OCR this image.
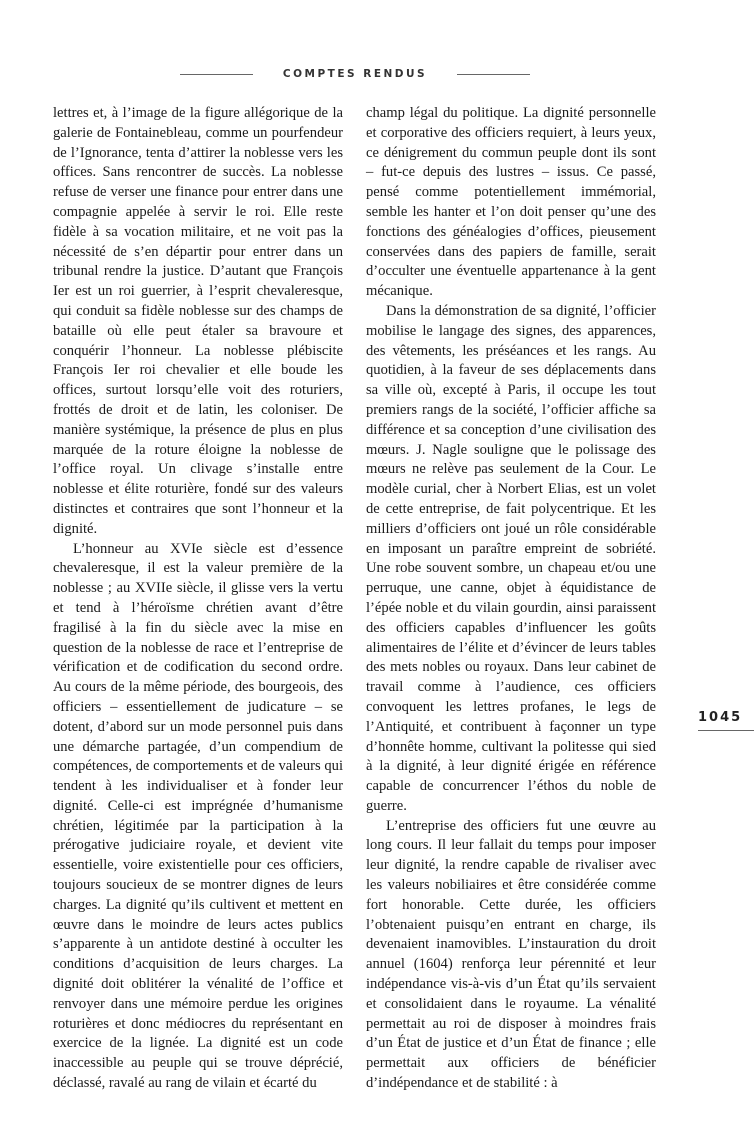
COMPTES RENDUS

lettres et, à l’image de la figure allégorique de la galerie de Fontainebleau, comme un pourfendeur de l’Ignorance, tenta d’attirer la noblesse vers les offices. Sans rencontrer de succès. La noblesse refuse de verser une finance pour entrer dans une compagnie appelée à servir le roi. Elle reste fidèle à sa vocation militaire, et ne voit pas la nécessité de s’en départir pour entrer dans un tribunal rendre la justice. D’autant que François Ier est un roi guerrier, à l’esprit chevaleresque, qui conduit sa fidèle noblesse sur des champs de bataille où elle peut étaler sa bravoure et conquérir l’honneur. La noblesse plébiscite François Ier roi chevalier et elle boude les offices, surtout lorsqu’elle voit des roturiers, frottés de droit et de latin, les coloniser. De manière systémique, la présence de plus en plus marquée de la roture éloigne la noblesse de l’office royal. Un clivage s’installe entre noblesse et élite roturière, fondé sur des valeurs distinctes et contraires que sont l’honneur et la dignité.

L’honneur au XVIe siècle est d’essence chevaleresque, il est la valeur première de la noblesse ; au XVIIe siècle, il glisse vers la vertu et tend à l’héroïsme chrétien avant d’être fragilisé à la fin du siècle avec la mise en question de la noblesse de race et l’entreprise de vérification et de codification du second ordre. Au cours de la même période, des bourgeois, des officiers – essentiellement de judicature – se dotent, d’abord sur un mode personnel puis dans une démarche partagée, d’un compendium de compétences, de comportements et de valeurs qui tendent à les individualiser et à fonder leur dignité. Celle-ci est imprégnée d’humanisme chrétien, légitimée par la participation à la prérogative judiciaire royale, et devient vite essentielle, voire existentielle pour ces officiers, toujours soucieux de se montrer dignes de leurs charges. La dignité qu’ils cultivent et mettent en œuvre dans le moindre de leurs actes publics s’apparente à un antidote destiné à occulter les conditions d’acquisition de leurs charges. La dignité doit oblitérer la vénalité de l’office et renvoyer dans une mémoire perdue les origines roturières et donc médiocres du représentant en exercice de la lignée. La dignité est un code inaccessible au peuple qui se trouve déprécié, déclassé, ravalé au rang de vilain et écarté du

champ légal du politique. La dignité personnelle et corporative des officiers requiert, à leurs yeux, ce dénigrement du commun peuple dont ils sont – fut-ce depuis des lustres – issus. Ce passé, pensé comme potentiellement immémorial, semble les hanter et l’on doit penser qu’une des fonctions des généalogies d’offices, pieusement conservées dans des papiers de famille, serait d’occulter une éventuelle appartenance à la gent mécanique.

Dans la démonstration de sa dignité, l’officier mobilise le langage des signes, des apparences, des vêtements, les préséances et les rangs. Au quotidien, à la faveur de ses déplacements dans sa ville où, excepté à Paris, il occupe les tout premiers rangs de la société, l’officier affiche sa différence et sa conception d’une civilisation des mœurs. J. Nagle souligne que le polissage des mœurs ne relève pas seulement de la Cour. Le modèle curial, cher à Norbert Elias, est un volet de cette entreprise, de fait polycentrique. Et les milliers d’officiers ont joué un rôle considérable en imposant un paraître empreint de sobriété. Une robe souvent sombre, un chapeau et/ou une perruque, une canne, objet à équidistance de l’épée noble et du vilain gourdin, ainsi paraissent des officiers capables d’influencer les goûts alimentaires de l’élite et d’évincer de leurs tables des mets nobles ou royaux. Dans leur cabinet de travail comme à l’audience, ces officiers convoquent les lettres profanes, le legs de l’Antiquité, et contribuent à façonner un type d’honnête homme, cultivant la politesse qui sied à la dignité, à leur dignité érigée en référence capable de concurrencer l’éthos du noble de guerre.

L’entreprise des officiers fut une œuvre au long cours. Il leur fallait du temps pour imposer leur dignité, la rendre capable de rivaliser avec les valeurs nobiliaires et être considérée comme fort honorable. Cette durée, les officiers l’obtenaient puisqu’en entrant en charge, ils devenaient inamovibles. L’instauration du droit annuel (1604) renforça leur pérennité et leur indépendance vis-à-vis d’un État qu’ils servaient et consolidaient dans le royaume. La vénalité permettait au roi de disposer à moindres frais d’un État de justice et d’un État de finance ; elle permettait aux officiers de bénéficier d’indépendance et de stabilité : à

1045
